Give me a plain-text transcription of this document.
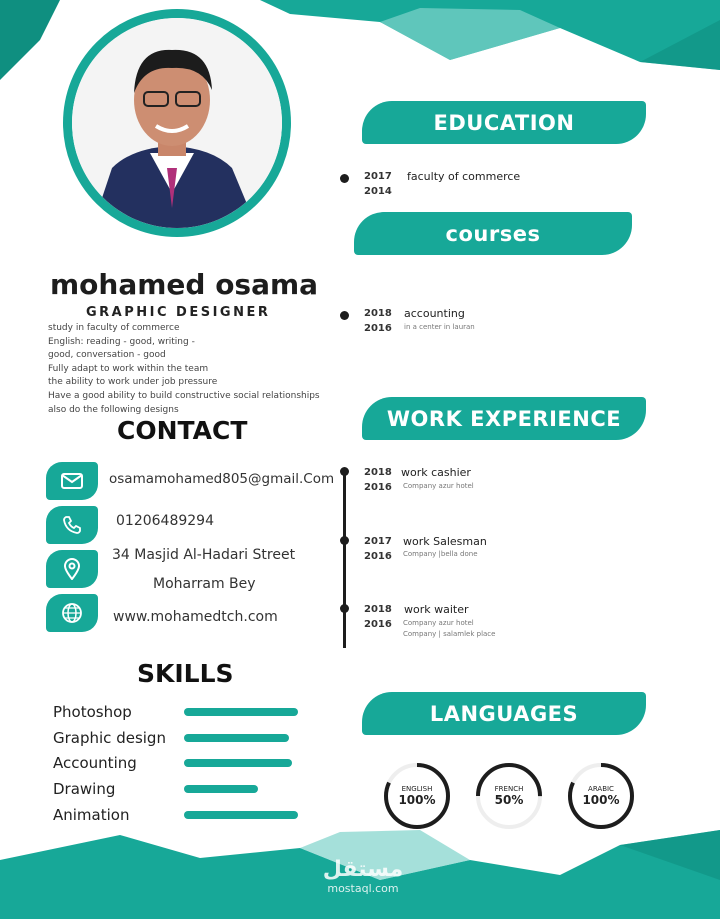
mohamed osama
GRAPHIC DESIGNER
study in faculty of commerce
English: reading - good, writing -
good, conversation - good
Fully adapt to work within the team
the ability to work under job pressure
Have a good ability to build constructive social relationships
also do the following designs
CONTACT
osamamohamed805@gmail.Com
01206489294
34 Masjid Al-Hadari Street
Moharram Bey
www.mohamedtch.com
SKILLS
Photoshop
Graphic design
Accounting
Drawing
Animation
EDUCATION
2017
2014
faculty of commerce
courses
2018
2016
accounting
in a center in lauran
WORK EXPERIENCE
2018
2016
work cashier
Company azur hotel
2017
2016
work Salesman
Company |bella done
2018
2016
work waiter
Company azur hotel
Company | salamlek place
LANGUAGES
ENGLISH
100%
FRENCH
50%
ARABIC
100%
مستقل
mostaql.com
